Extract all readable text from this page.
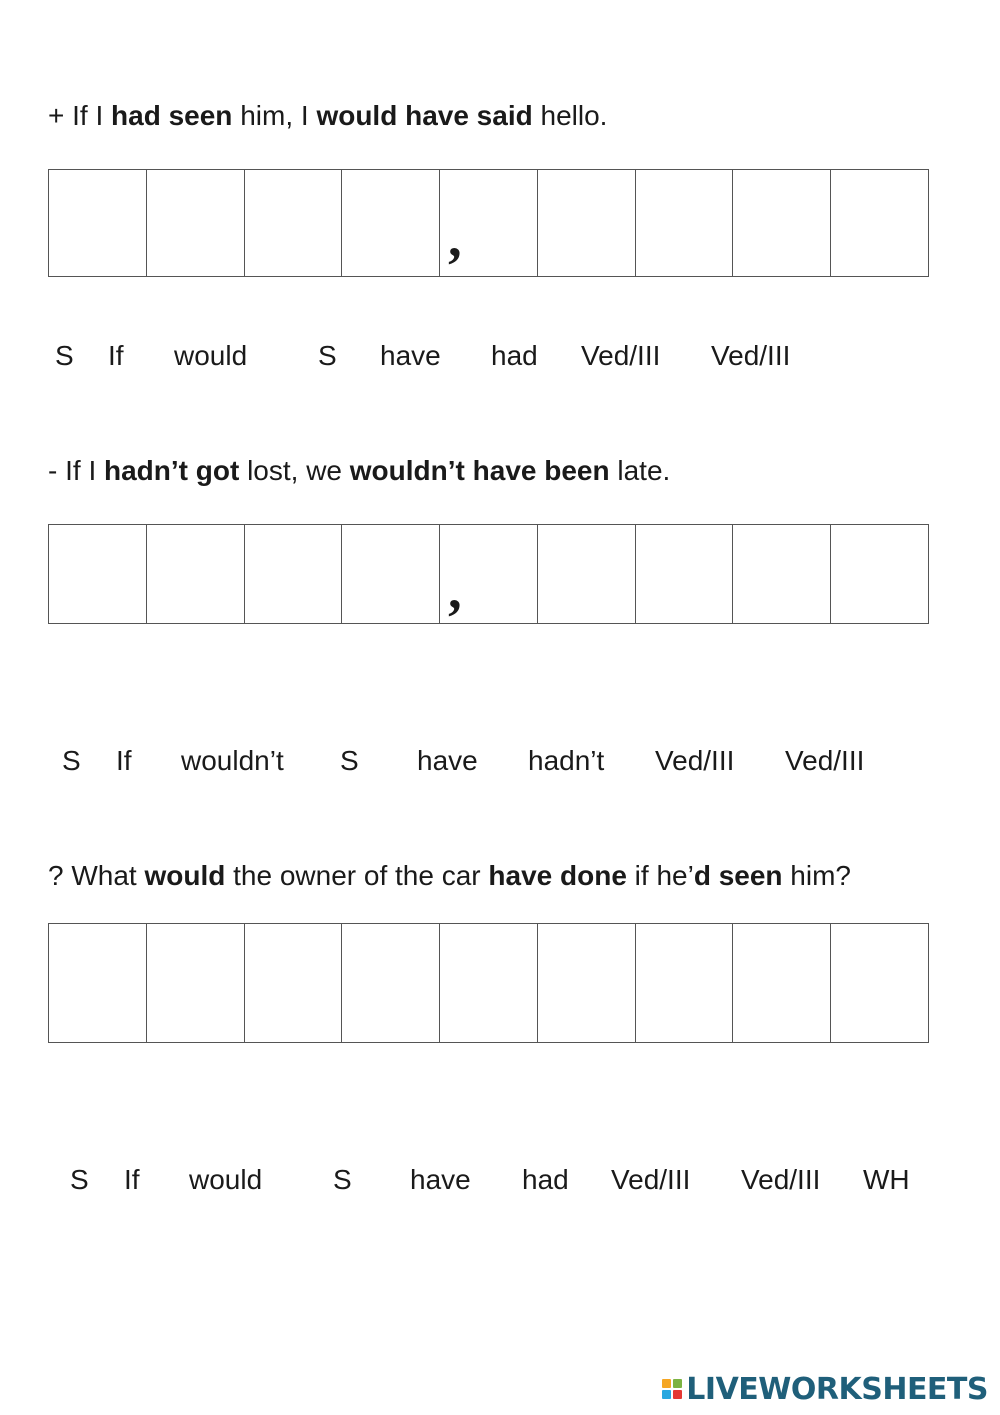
+ If I had seen him, I would have said hello.
,
S If would	S have had Ved/III Ved/III
- If I hadn’t got lost, we wouldn’t have been late.
,
S If wouldn’t S have hadn’t Ved/III Ved/III
? What would the owner of the car have done if he’d seen him?
S If would	S have had Ved/III Ved/III WH
LIVEWORKSHEETS
